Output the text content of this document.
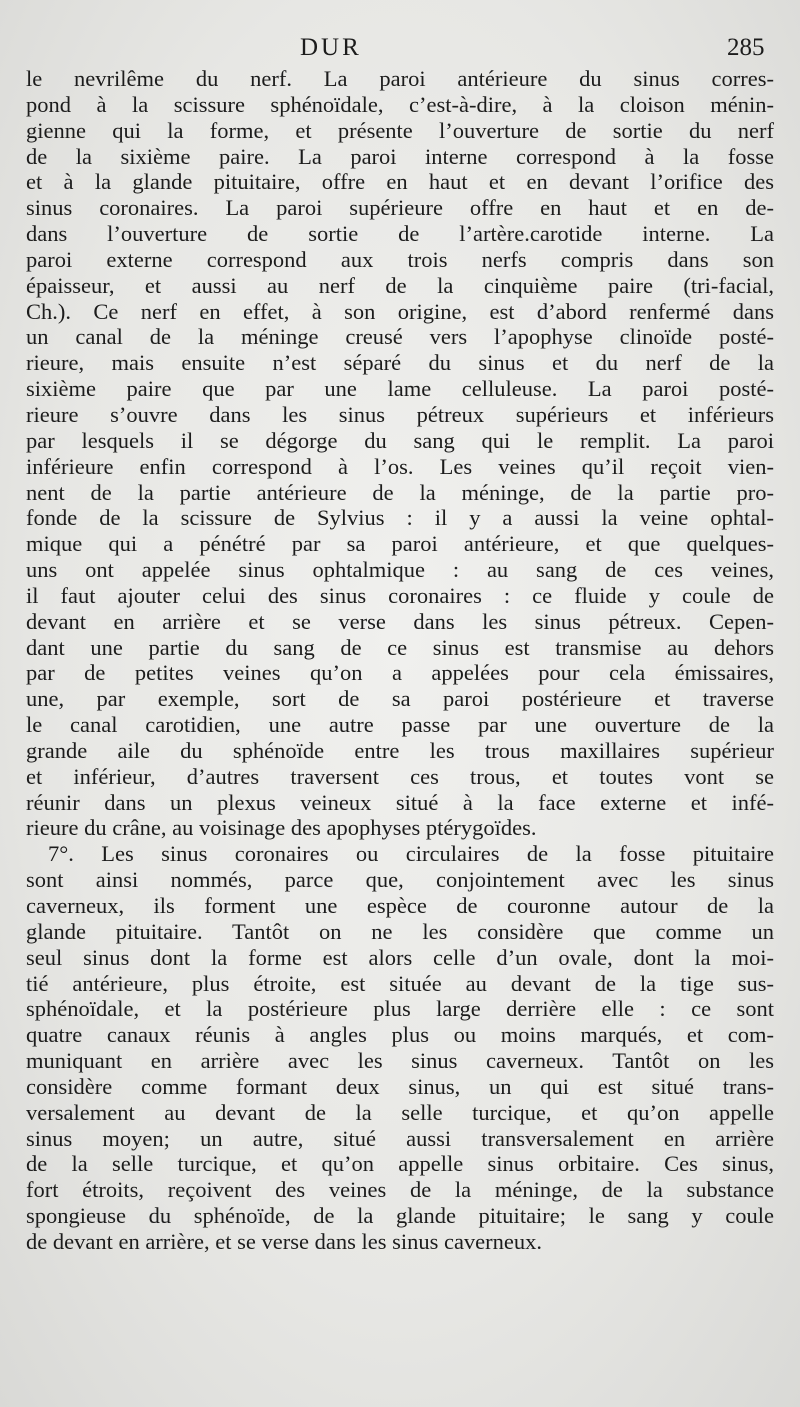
DUR	285
le nevrilême du nerf. La paroi antérieure du sinus corres-
pond à la scissure sphénoïdale, c’est-à-dire, à la cloison ménin-
gienne qui la forme, et présente l’ouverture de sortie du nerf
de la sixième paire. La paroi interne correspond à la fosse
et à la glande pituitaire, offre en haut et en devant l’orifice des
sinus coronaires. La paroi supérieure offre en haut et en de-
dans l’ouverture de sortie de l’artère.carotide interne. La
paroi externe correspond aux trois nerfs compris dans son
épaisseur, et aussi au nerf de la cinquième paire (tri-facial,
Ch.). Ce nerf en effet, à son origine, est d’abord renfermé dans
un canal de la méninge creusé vers l’apophyse clinoïde posté-
rieure, mais ensuite n’est séparé du sinus et du nerf de la
sixième paire que par une lame celluleuse. La paroi posté-
rieure s’ouvre dans les sinus pétreux supérieurs et inférieurs
par lesquels il se dégorge du sang qui le remplit. La paroi
inférieure enfin correspond à l’os. Les veines qu’il reçoit vien-
nent de la partie antérieure de la méninge, de la partie pro-
fonde de la scissure de Sylvius : il y a aussi la veine ophtal-
mique qui a pénétré par sa paroi antérieure, et que quelques-
uns ont appelée sinus ophtalmique : au sang de ces veines,
il faut ajouter celui des sinus coronaires : ce fluide y coule de
devant en arrière et se verse dans les sinus pétreux. Cepen-
dant une partie du sang de ce sinus est transmise au dehors
par de petites veines qu’on a appelées pour cela émissaires,
une, par exemple, sort de sa paroi postérieure et traverse
le canal carotidien, une autre passe par une ouverture de la
grande aile du sphénoïde entre les trous maxillaires supérieur
et inférieur, d’autres traversent ces trous, et toutes vont se
réunir dans un plexus veineux situé à la face externe et infé-
rieure du crâne, au voisinage des apophyses ptérygoïdes.
7°. Les sinus coronaires ou circulaires de la fosse pituitaire
sont ainsi nommés, parce que, conjointement avec les sinus
caverneux, ils forment une espèce de couronne autour de la
glande pituitaire. Tantôt on ne les considère que comme un
seul sinus dont la forme est alors celle d’un ovale, dont la moi-
tié antérieure, plus étroite, est située au devant de la tige sus-
sphénoïdale, et la postérieure plus large derrière elle : ce sont
quatre canaux réunis à angles plus ou moins marqués, et com-
muniquant en arrière avec les sinus caverneux. Tantôt on les
considère comme formant deux sinus, un qui est situé trans-
versalement au devant de la selle turcique, et qu’on appelle
sinus moyen; un autre, situé aussi transversalement en arrière
de la selle turcique, et qu’on appelle sinus orbitaire. Ces sinus,
fort étroits, reçoivent des veines de la méninge, de la substance
spongieuse du sphénoïde, de la glande pituitaire; le sang y coule
de devant en arrière, et se verse dans les sinus caverneux.
